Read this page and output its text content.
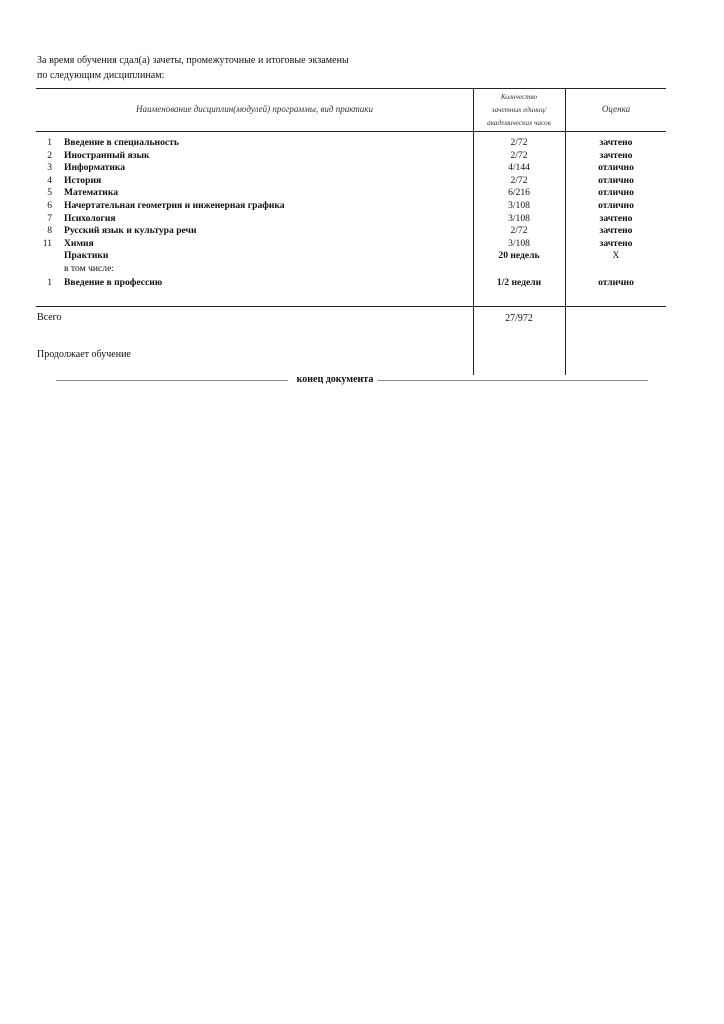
За время обучения сдал(а) зачеты, промежуточные и итоговые экзамены
по следующим дисциплинам:
Наименование дисциплин(модулей) программы, вид практики
Количество
зачетных единиц/
академических часов
Оценка
1 Введение в специальность	2/72	зачтено
2 Иностранный язык	2/72	зачтено
3 Информатика	4/144	отлично
4 История	2/72	отлично
5 Математика	6/216	отлично
6 Начертательная геометрия и инженерная графика	3/108	отлично
7 Психология	3/108	зачтено
8 Русский язык и культура речи	2/72	зачтено
11 Химия	3/108	зачтено
Практики	20 недель	X
в том числе:
1 Введение в профессию	1/2 недели	отлично
Всего	27/972
Продолжает обучение
конец документа
